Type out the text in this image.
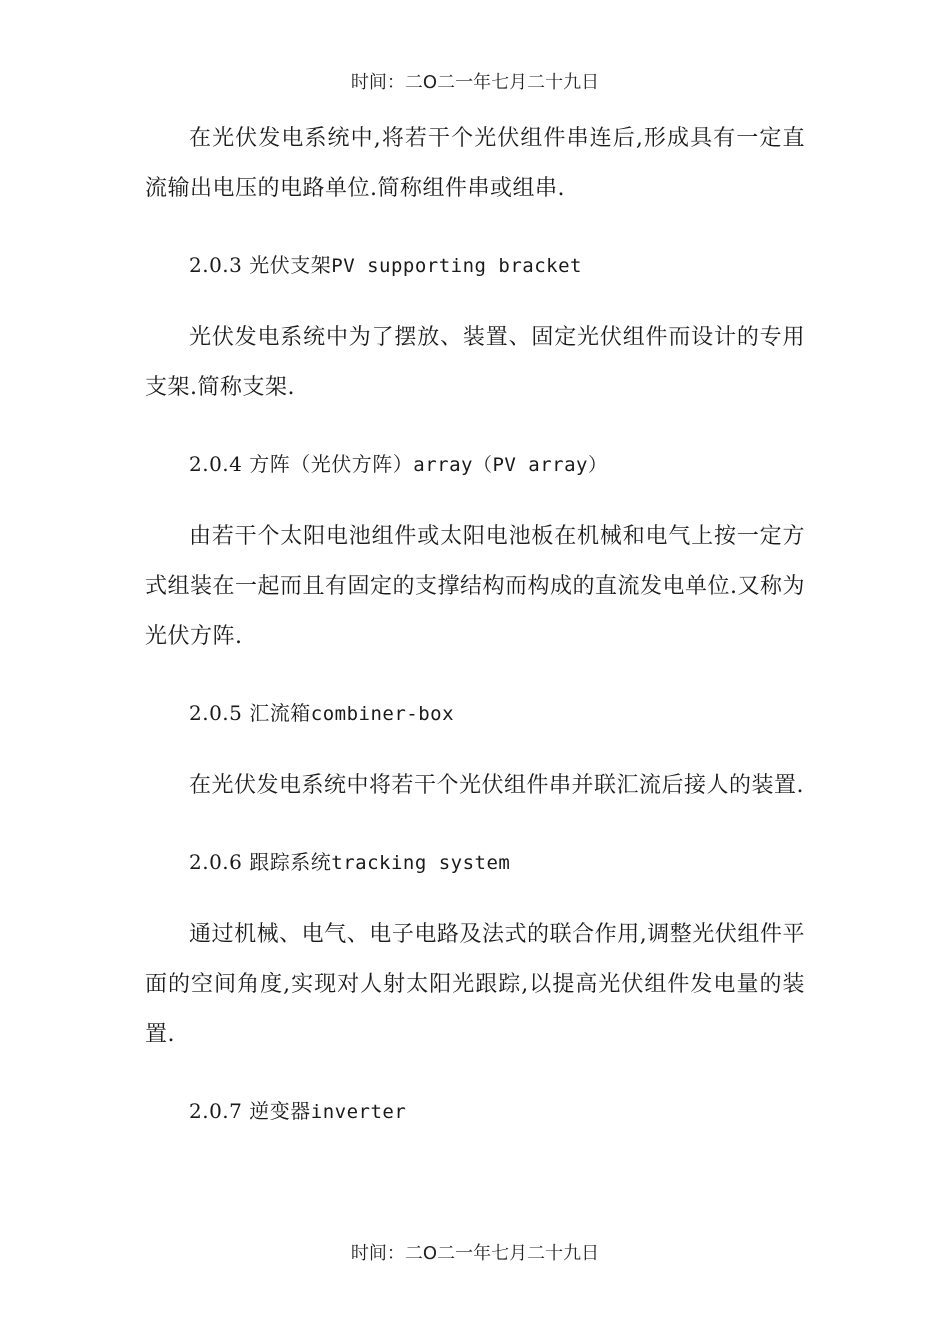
时间：二O二一年七月二十九日

在光伏发电系统中,将若干个光伏组件串连后,形成具有一定直流输出电压的电路单位.简称组件串或组串.

2.0.3 光伏支架PV supporting bracket

光伏发电系统中为了摆放、装置、固定光伏组件而设计的专用支架.简称支架.

2.0.4 方阵（光伏方阵）array（PV array）

由若干个太阳电池组件或太阳电池板在机械和电气上按一定方式组装在一起而且有固定的支撑结构而构成的直流发电单位.又称为光伏方阵.

2.0.5 汇流箱combiner-box

在光伏发电系统中将若干个光伏组件串并联汇流后接人的装置.

2.0.6 跟踪系统tracking system

通过机械、电气、电子电路及法式的联合作用,调整光伏组件平面的空间角度,实现对人射太阳光跟踪,以提高光伏组件发电量的装置.

2.0.7 逆变器inverter

时间：二O二一年七月二十九日
